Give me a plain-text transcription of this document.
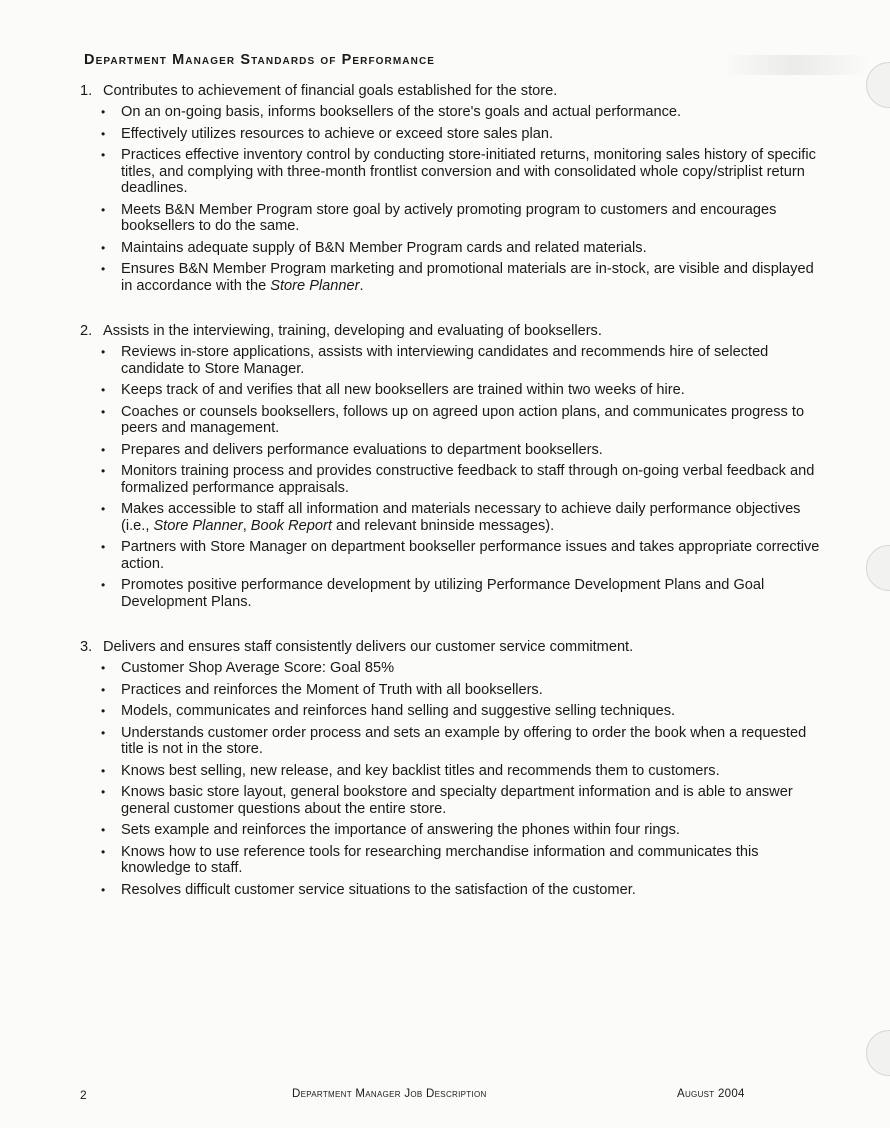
Department Manager Standards of Performance
1. Contributes to achievement of financial goals established for the store.
•	On an on-going basis, informs booksellers of the store's goals and actual performance.
•	Effectively utilizes resources to achieve or exceed store sales plan.
•	Practices effective inventory control by conducting store-initiated returns, monitoring sales history of specific titles, and complying with three-month frontlist conversion and with consolidated whole copy/striplist return deadlines.
•	Meets B&N Member Program store goal by actively promoting program to customers and encourages booksellers to do the same.
•	Maintains adequate supply of B&N Member Program cards and related materials.
•	Ensures B&N Member Program marketing and promotional materials are in-stock, are visible and displayed in accordance with the Store Planner.
2. Assists in the interviewing, training, developing and evaluating of booksellers.
•	Reviews in-store applications, assists with interviewing candidates and recommends hire of selected candidate to Store Manager.
•	Keeps track of and verifies that all new booksellers are trained within two weeks of hire.
•	Coaches or counsels booksellers, follows up on agreed upon action plans, and communicates progress to peers and management.
•	Prepares and delivers performance evaluations to department booksellers.
•	Monitors training process and provides constructive feedback to staff through on-going verbal feedback and formalized performance appraisals.
•	Makes accessible to staff all information and materials necessary to achieve daily performance objectives (i.e., Store Planner, Book Report and relevant bninside messages).
•	Partners with Store Manager on department bookseller performance issues and takes appropriate corrective action.
•	Promotes positive performance development by utilizing Performance Development Plans and Goal Development Plans.
3. Delivers and ensures staff consistently delivers our customer service commitment.
•	Customer Shop Average Score: Goal 85%
•	Practices and reinforces the Moment of Truth with all booksellers.
•	Models, communicates and reinforces hand selling and suggestive selling techniques.
•	Understands customer order process and sets an example by offering to order the book when a requested title is not in the store.
•	Knows best selling, new release, and key backlist titles and recommends them to customers.
•	Knows basic store layout, general bookstore and specialty department information and is able to answer general customer questions about the entire store.
•	Sets example and reinforces the importance of answering the phones within four rings.
•	Knows how to use reference tools for researching merchandise information and communicates this knowledge to staff.
•	Resolves difficult customer service situations to the satisfaction of the customer.
2	Department Manager Job Description	August 2004
